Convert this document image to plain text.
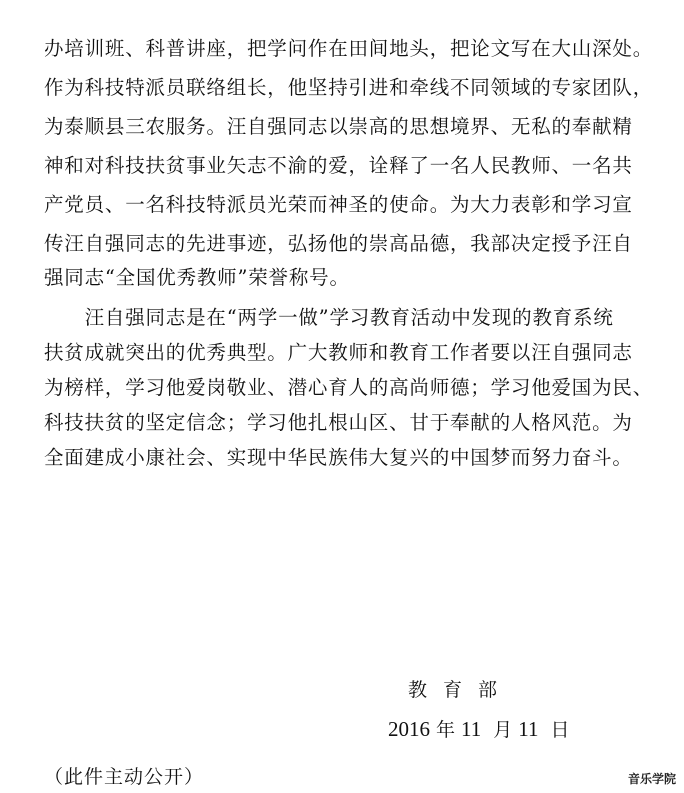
办培训班、科普讲座，把学问作在田间地头，把论文写在大山深处。
作为科技特派员联络组长，他坚持引进和牵线不同领域的专家团队，
为泰顺县三农服务。汪自强同志以崇高的思想境界、无私的奉献精
神和对科技扶贫事业矢志不渝的爱，诠释了一名人民教师、一名共
产党员、一名科技特派员光荣而神圣的使命。为大力表彰和学习宣
传汪自强同志的先进事迹，弘扬他的崇高品德，我部决定授予汪自
强同志“全国优秀教师”荣誉称号。
　　汪自强同志是在“两学一做”学习教育活动中发现的教育系统
扶贫成就突出的优秀典型。广大教师和教育工作者要以汪自强同志
为榜样，学习他爱岗敬业、潜心育人的高尚师德；学习他爱国为民、
科技扶贫的坚定信念；学习他扎根山区、甘于奉献的人格风范。为
全面建成小康社会、实现中华民族伟大复兴的中国梦而努力奋斗。
教育部
2016 年 11 月 11 日
（此件主动公开）	音乐学院
